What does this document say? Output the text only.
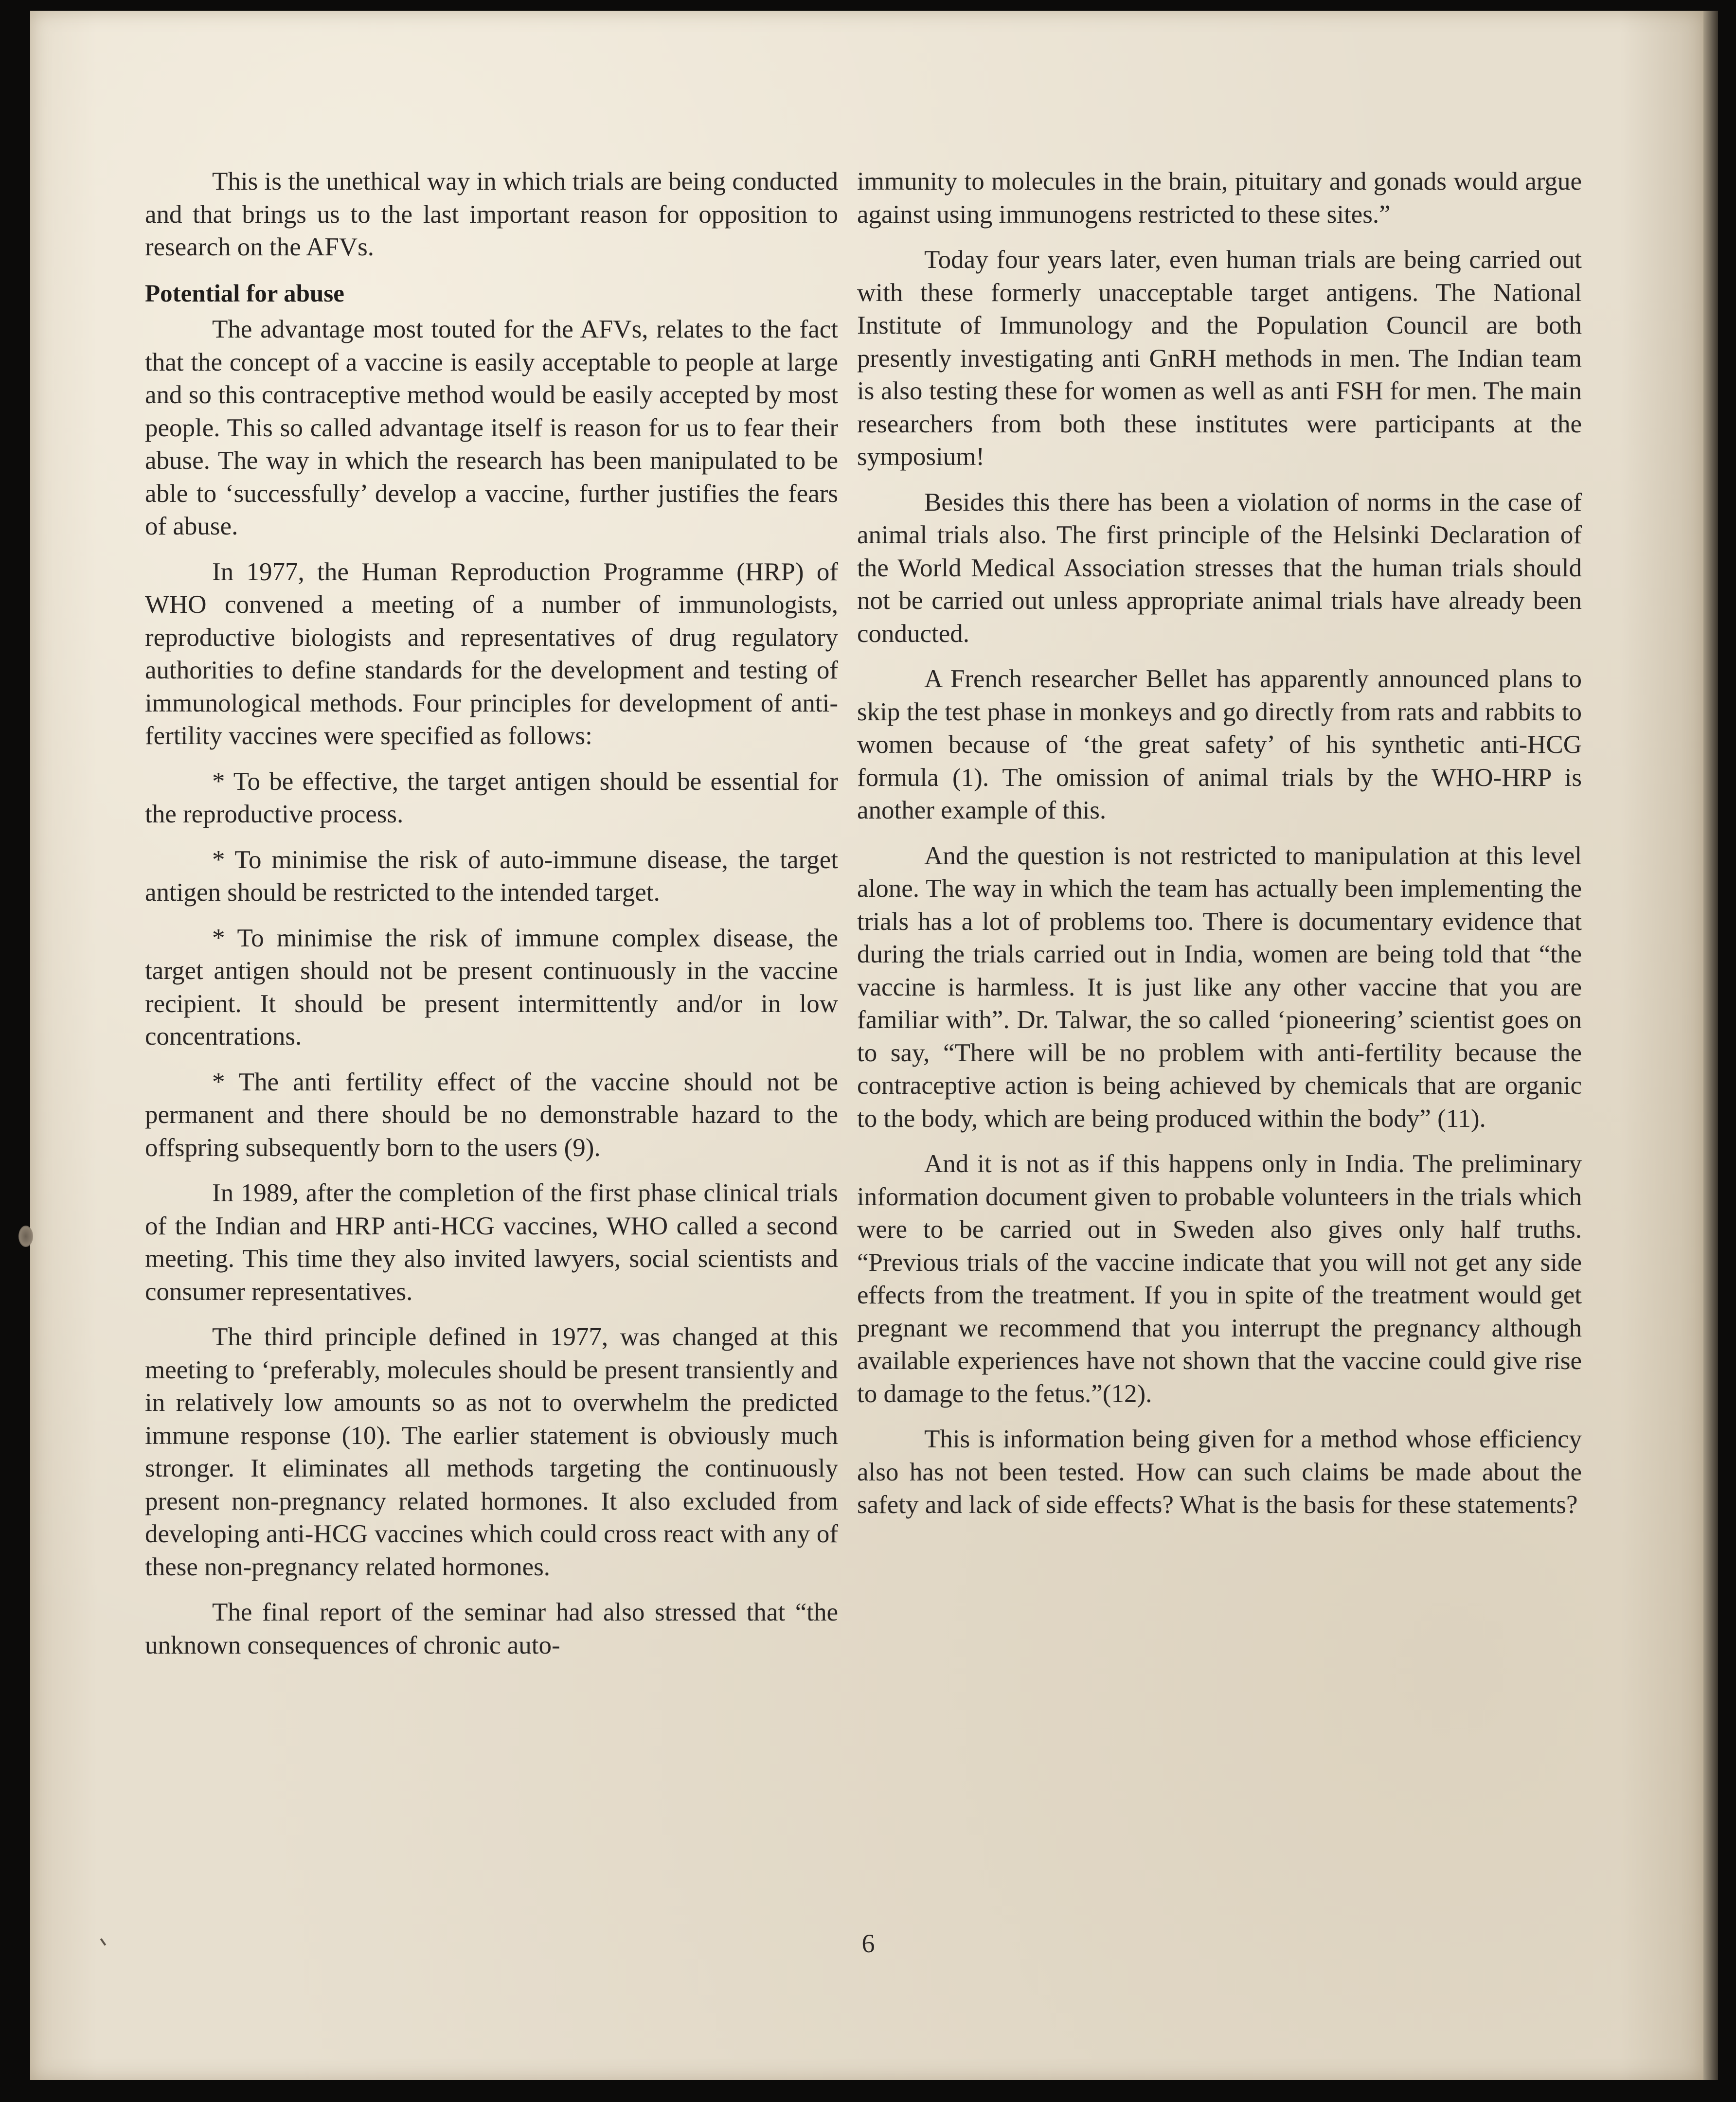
This is the unethical way in which trials are being conducted and that brings us to the last important reason for opposition to research on the AFVs.

Potential for abuse

The advantage most touted for the AFVs, relates to the fact that the concept of a vaccine is easily acceptable to people at large and so this contraceptive method would be easily accepted by most people. This so called advantage itself is reason for us to fear their abuse. The way in which the research has been manipulated to be able to ‘successfully’ develop a vaccine, further justifies the fears of abuse.

In 1977, the Human Reproduction Programme (HRP) of WHO convened a meeting of a number of immunologists, reproductive biologists and representatives of drug regulatory authorities to define standards for the development and testing of immunological methods. Four principles for development of anti-fertility vaccines were specified as follows:

* To be effective, the target antigen should be essential for the reproductive process.

* To minimise the risk of auto-immune disease, the target antigen should be restricted to the intended target.

* To minimise the risk of immune complex disease, the target antigen should not be present continuously in the vaccine recipient. It should be present intermittently and/or in low concentrations.

* The anti fertility effect of the vaccine should not be permanent and there should be no demonstrable hazard to the offspring subsequently born to the users (9).

In 1989, after the completion of the first phase clinical trials of the Indian and HRP anti-HCG vaccines, WHO called a second meeting. This time they also invited lawyers, social scientists and consumer representatives.

The third principle defined in 1977, was changed at this meeting to ‘preferably, molecules should be present transiently and in relatively low amounts so as not to overwhelm the predicted immune response (10). The earlier statement is obviously much stronger. It eliminates all methods targeting the continuously present non-pregnancy related hormones. It also excluded from developing anti-HCG vaccines which could cross react with any of these non-pregnancy related hormones.

The final report of the seminar had also stressed that “the unknown consequences of chronic auto-

immunity to molecules in the brain, pituitary and gonads would argue against using immunogens restricted to these sites.”

Today four years later, even human trials are being carried out with these formerly unacceptable target antigens. The National Institute of Immunology and the Population Council are both presently investigating anti GnRH methods in men. The Indian team is also testing these for women as well as anti FSH for men. The main researchers from both these institutes were participants at the symposium!

Besides this there has been a violation of norms in the case of animal trials also. The first principle of the Helsinki Declaration of the World Medical Association stresses that the human trials should not be carried out unless appropriate animal trials have already been conducted.

A French researcher Bellet has apparently announced plans to skip the test phase in monkeys and go directly from rats and rabbits to women because of ‘the great safety’ of his synthetic anti-HCG formula (1). The omission of animal trials by the WHO-HRP is another example of this.

And the question is not restricted to manipulation at this level alone. The way in which the team has actually been implementing the trials has a lot of problems too. There is documentary evidence that during the trials carried out in India, women are being told that “the vaccine is harmless. It is just like any other vaccine that you are familiar with”. Dr. Talwar, the so called ‘pioneering’ scientist goes on to say, “There will be no problem with anti-fertility because the contraceptive action is being achieved by chemicals that are organic to the body, which are being produced within the body” (11).

And it is not as if this happens only in India. The preliminary information document given to probable volunteers in the trials which were to be carried out in Sweden also gives only half truths. “Previous trials of the vaccine indicate that you will not get any side effects from the treatment. If you in spite of the treatment would get pregnant we recommend that you interrupt the pregnancy although available experiences have not shown that the vaccine could give rise to damage to the fetus.”(12).

This is information being given for a method whose efficiency also has not been tested. How can such claims be made about the safety and lack of side effects? What is the basis for these statements?

6
